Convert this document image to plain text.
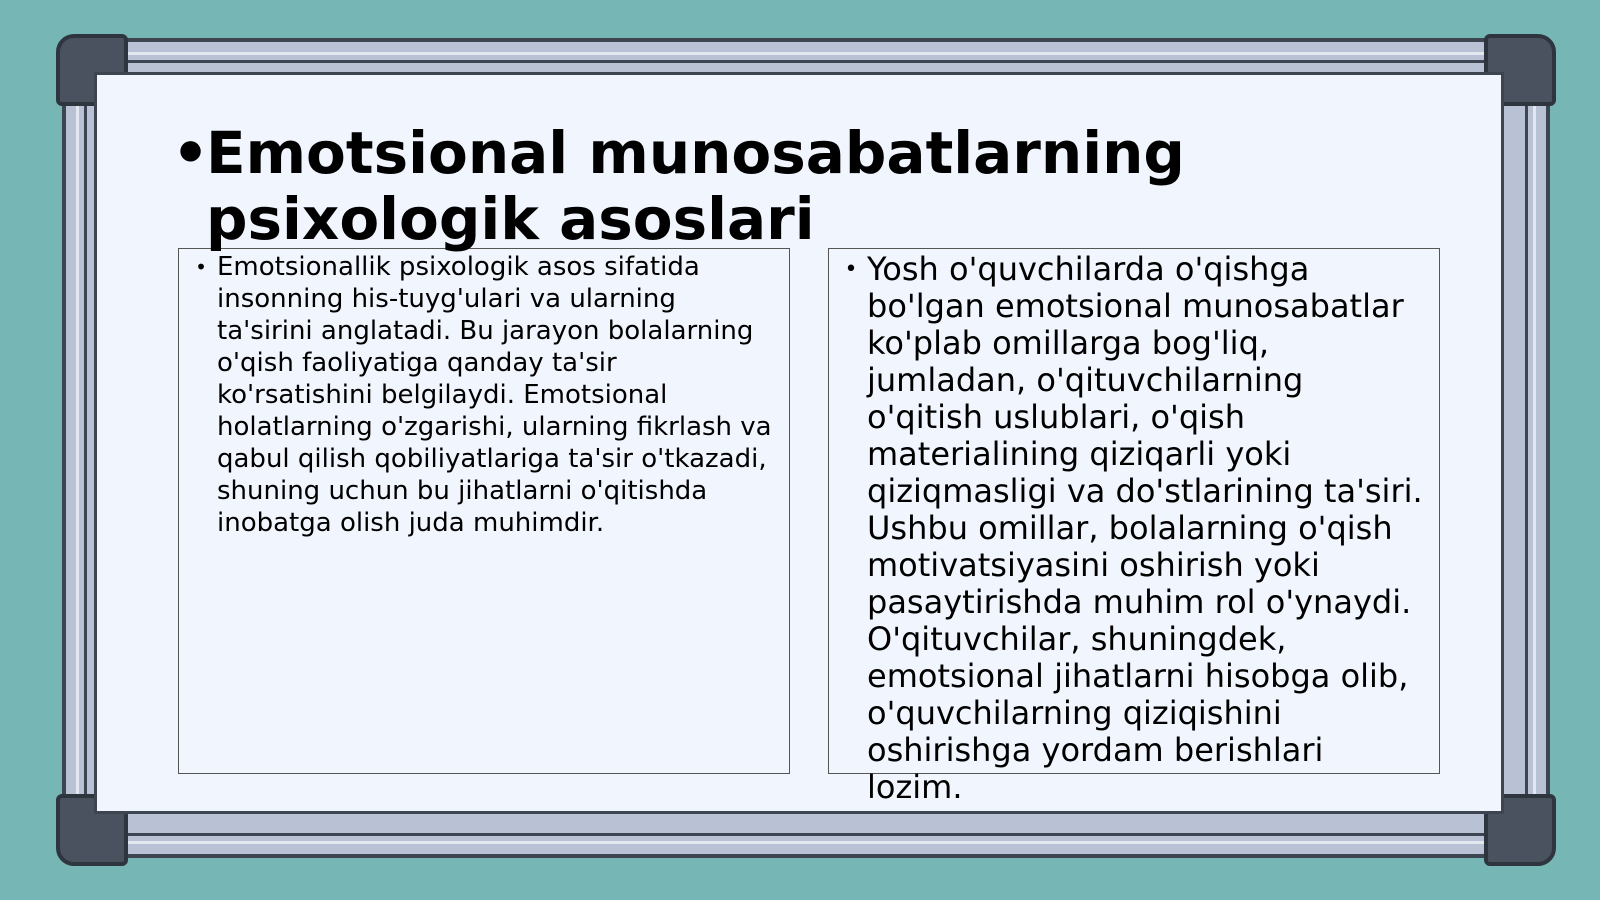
•
Emotsional munosabatlarning psixologik asoslari
• Emotsionallik psixologik asos sifatida insonning his-tuyg'ulari va ularning ta'sirini anglatadi. Bu jarayon bolalarning o'qish faoliyatiga qanday ta'sir ko'rsatishini belgilaydi. Emotsional holatlarning o'zgarishi, ularning fikrlash va qabul qilish qobiliyatlariga ta'sir o'tkazadi, shuning uchun bu jihatlarni o'qitishda inobatga olish juda muhimdir.
• Yosh o'quvchilarda o'qishga bo'lgan emotsional munosabatlar ko'plab omillarga bog'liq, jumladan, o'qituvchilarning o'qitish uslublari, o'qish materialining qiziqarli yoki qiziqmasligi va do'stlarining ta'siri. Ushbu omillar, bolalarning o'qish motivatsiyasini oshirish yoki pasaytirishda muhim rol o'ynaydi. O'qituvchilar, shuningdek, emotsional jihatlarni hisobga olib, o'quvchilarning qiziqishini oshirishga yordam berishlari lozim.
